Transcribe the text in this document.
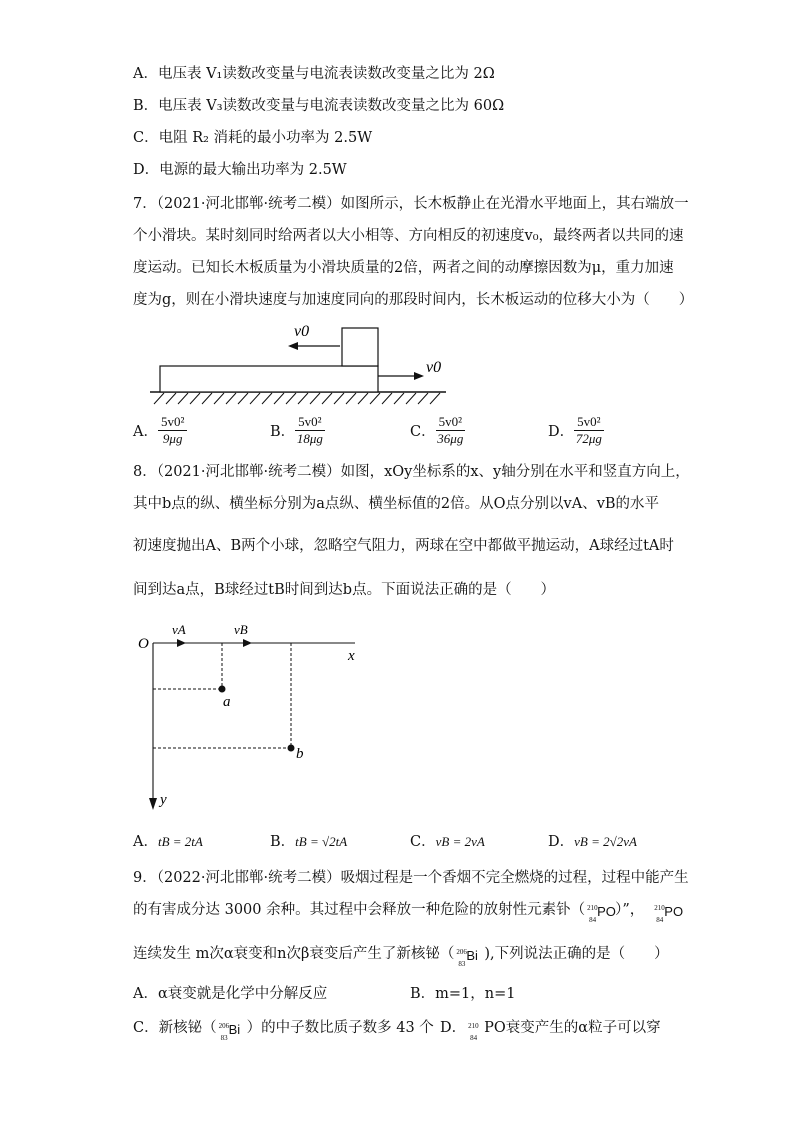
A．电压表 V₁读数改变量与电流表读数改变量之比为 2Ω
B．电压表 V₃读数改变量与电流表读数改变量之比为 60Ω
C．电阻 R₂ 消耗的最小功率为 2.5W
D．电源的最大输出功率为 2.5W
7．（2021·河北邯郸·统考二模）如图所示，长木板静止在光滑水平地面上，其右端放一
个小滑块。某时刻同时给两者以大小相等、方向相反的初速度v₀，最终两者以共同的速
度运动。已知长木板质量为小滑块质量的2倍，两者之间的动摩擦因数为μ，重力加速
度为g，则在小滑块速度与加速度同向的那段时间内，长木板运动的位移大小为（　　）
v0
v0
A． $\frac{\text{5v0²}}{9\mu g}$	B． $\frac{\text{5v0²}}{18\mu g}$	C． $\frac{\text{5v0²}}{36\mu g}$	D． $\frac{\text{5v0²}}{72\mu g}$
8．（2021·河北邯郸·统考二模）如图，xOy坐标系的x、y轴分别在水平和竖直方向上，
其中b点的纵、横坐标分别为a点纵、横坐标值的2倍。从O点分别以vA、vB的水平
初速度抛出A、B两个小球，忽略空气阻力，两球在空中都做平抛运动，A球经过tA时
间到达a点，B球经过tB时间到达b点。下面说法正确的是（　　）
O
x
y
vA	vB
a
b
A．tB = 2tA	B．tB = √2tA	C．vB = 2vA	D．vB = 2√2vA
9．（2022·河北邯郸·统考二模）吸烟过程是一个香烟不完全燃烧的过程，过程中能产生
的有害成分达 3000 余种。其过程中会释放一种危险的放射性元素钋（ 210
84
PO ）”， 210
84
PO
连续发生 m次α衰变和n次β衰变后产生了新核铋（ 206
83
Bi ),下列说法正确的是（　　）
A．α衰变就是化学中分解反应	B．m=1，n=1
C．新核铋（ 206
83
Bi ）的中子数比质子数多 43 个 D． 210
84
PO衰变产生的α粒子可以穿
